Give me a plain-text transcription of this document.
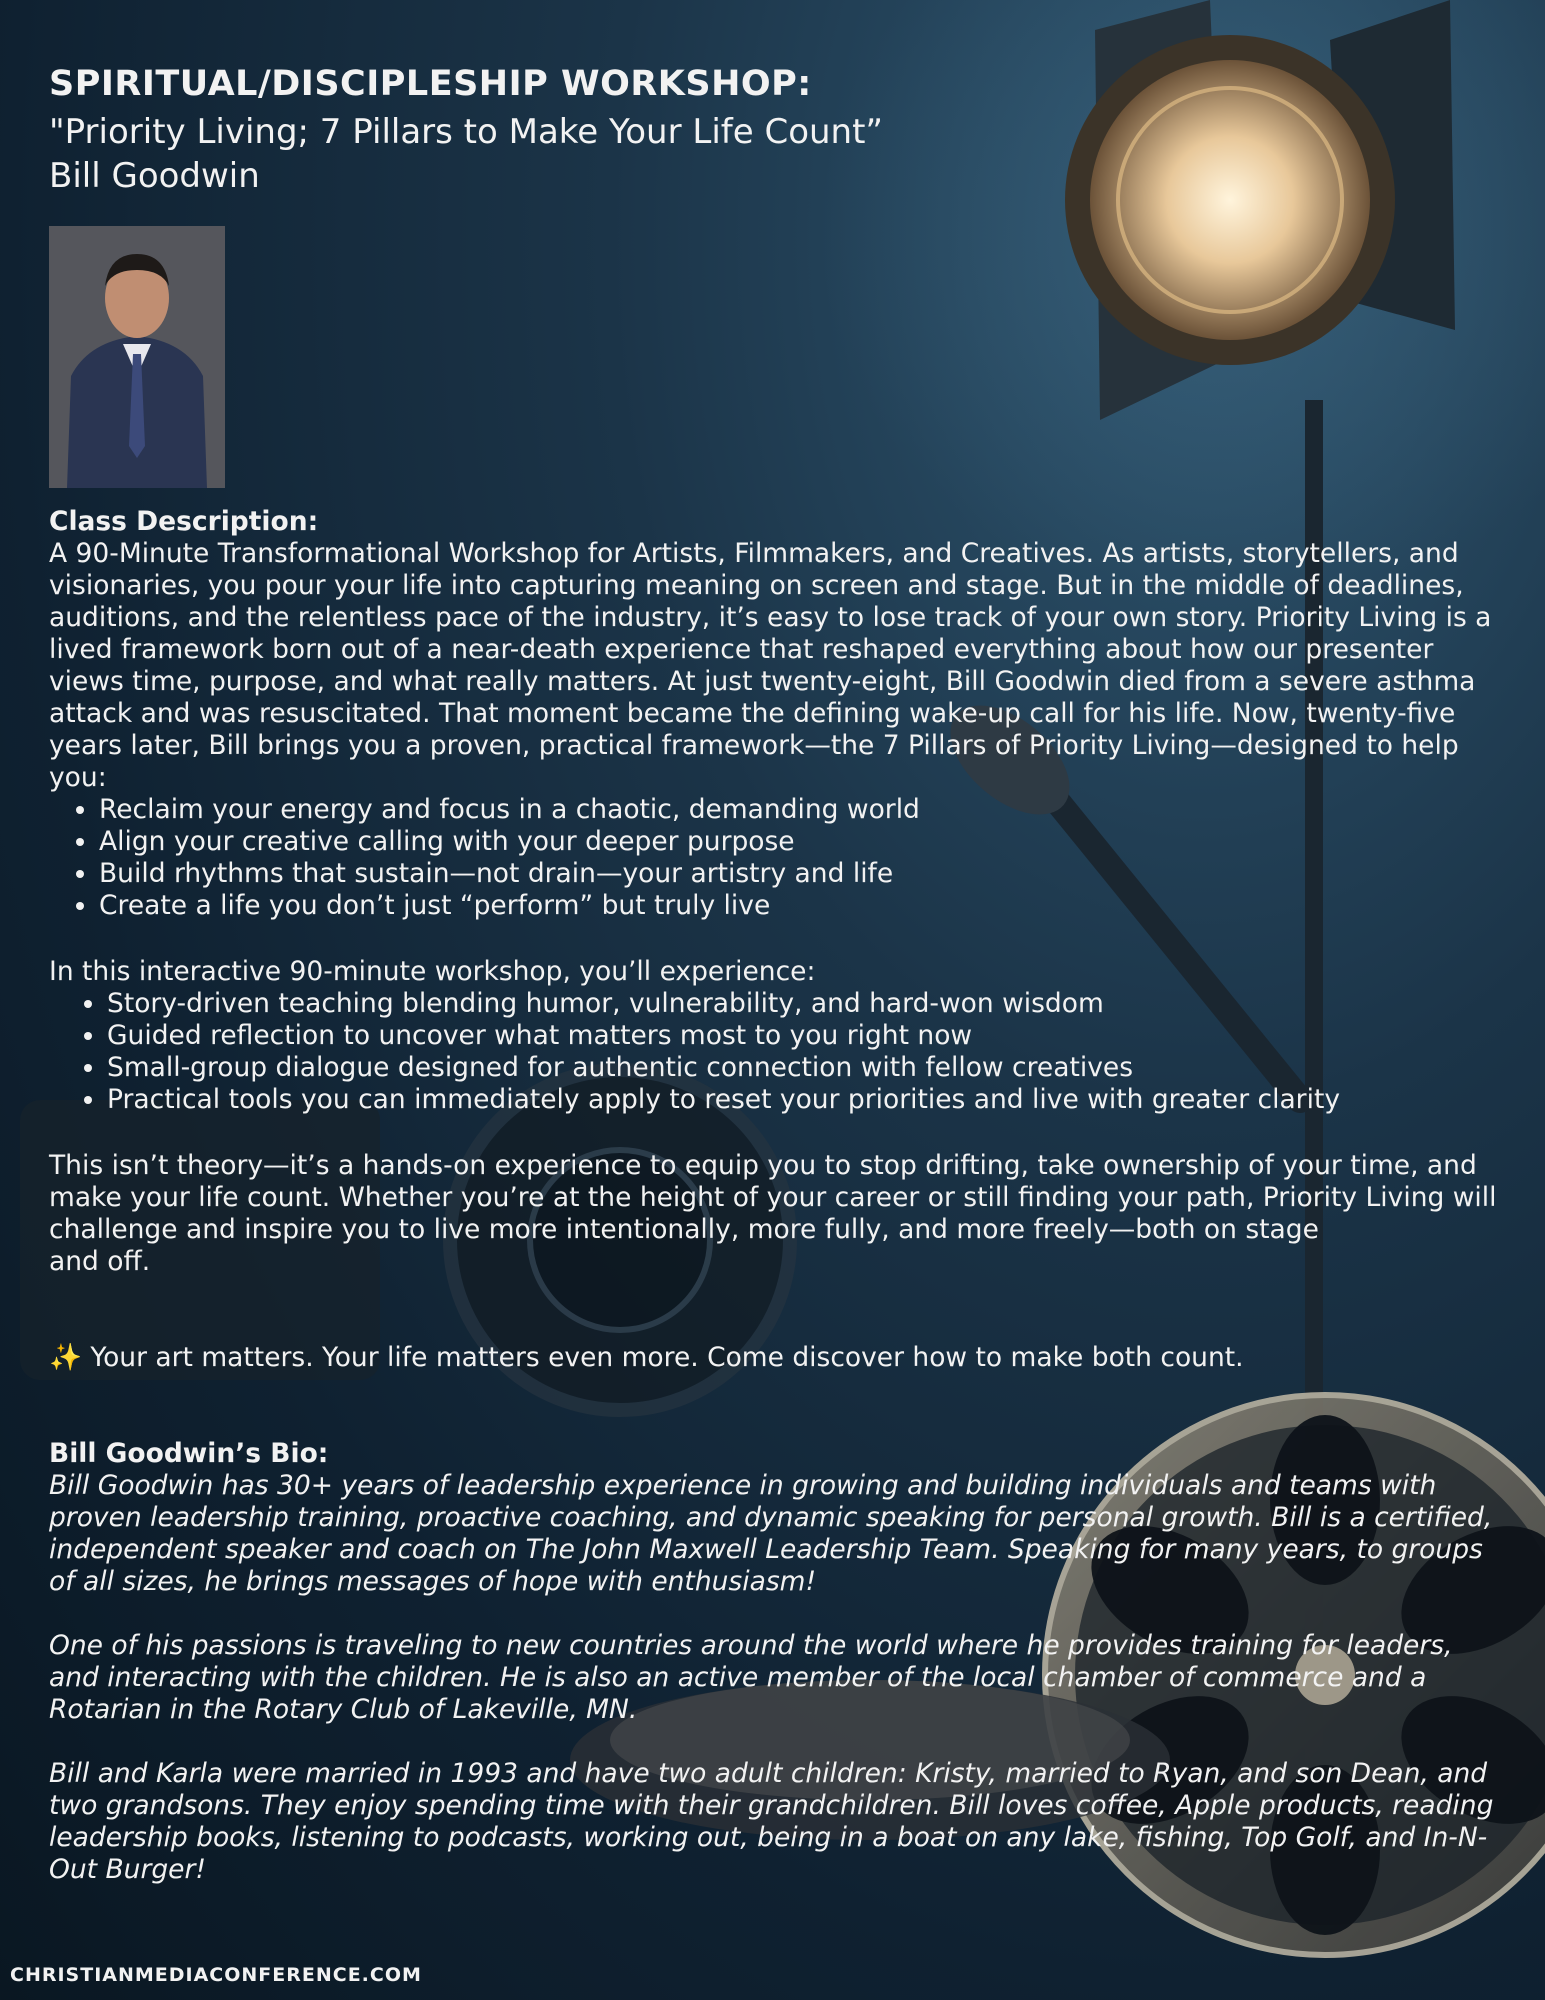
SPIRITUAL/DISCIPLESHIP WORKSHOP:
"Priority Living; 7 Pillars to Make Your Life Count”
Bill Goodwin

Class Description:

A 90-Minute Transformational Workshop for Artists, Filmmakers, and Creatives. As artists, storytellers, and visionaries, you pour your life into capturing meaning on screen and stage. But in the middle of deadlines, auditions, and the relentless pace of the industry, it’s easy to lose track of your own story. Priority Living is a lived framework born out of a near-death experience that reshaped everything about how our presenter views time, purpose, and what really matters. At just twenty-eight, Bill Goodwin died from a severe asthma attack and was resuscitated. That moment became the defining wake-up call for his life. Now, twenty-five years later, Bill brings you a proven, practical framework—the 7 Pillars of Priority Living—designed to help you:

• Reclaim your energy and focus in a chaotic, demanding world
• Align your creative calling with your deeper purpose
• Build rhythms that sustain—not drain—your artistry and life
• Create a life you don’t just “perform” but truly live

In this interactive 90-minute workshop, you’ll experience:

• Story-driven teaching blending humor, vulnerability, and hard-won wisdom
• Guided reflection to uncover what matters most to you right now
• Small-group dialogue designed for authentic connection with fellow creatives
• Practical tools you can immediately apply to reset your priorities and live with greater clarity

This isn’t theory—it’s a hands-on experience to equip you to stop drifting, take ownership of your time, and make your life count. Whether you’re at the height of your career or still finding your path, Priority Living will challenge and inspire you to live more intentionally, more fully, and more freely—both on stage

and off.

✨ Your art matters. Your life matters even more. Come discover how to make both count.

Bill Goodwin’s Bio:

Bill Goodwin has 30+ years of leadership experience in growing and building individuals and teams with proven leadership training, proactive coaching, and dynamic speaking for personal growth. Bill is a certified, independent speaker and coach on The John Maxwell Leadership Team. Speaking for many years, to groups of all sizes, he brings messages of hope with enthusiasm!

One of his passions is traveling to new countries around the world where he provides training for leaders, and interacting with the children. He is also an active member of the local chamber of commerce and a Rotarian in the Rotary Club of Lakeville, MN.

Bill and Karla were married in 1993 and have two adult children: Kristy, married to Ryan, and son Dean, and two grandsons. They enjoy spending time with their grandchildren. Bill loves coffee, Apple products, reading leadership books, listening to podcasts, working out, being in a boat on any lake, fishing, Top Golf, and In-N-Out Burger!

CHRISTIANMEDIACONFERENCE.COM
